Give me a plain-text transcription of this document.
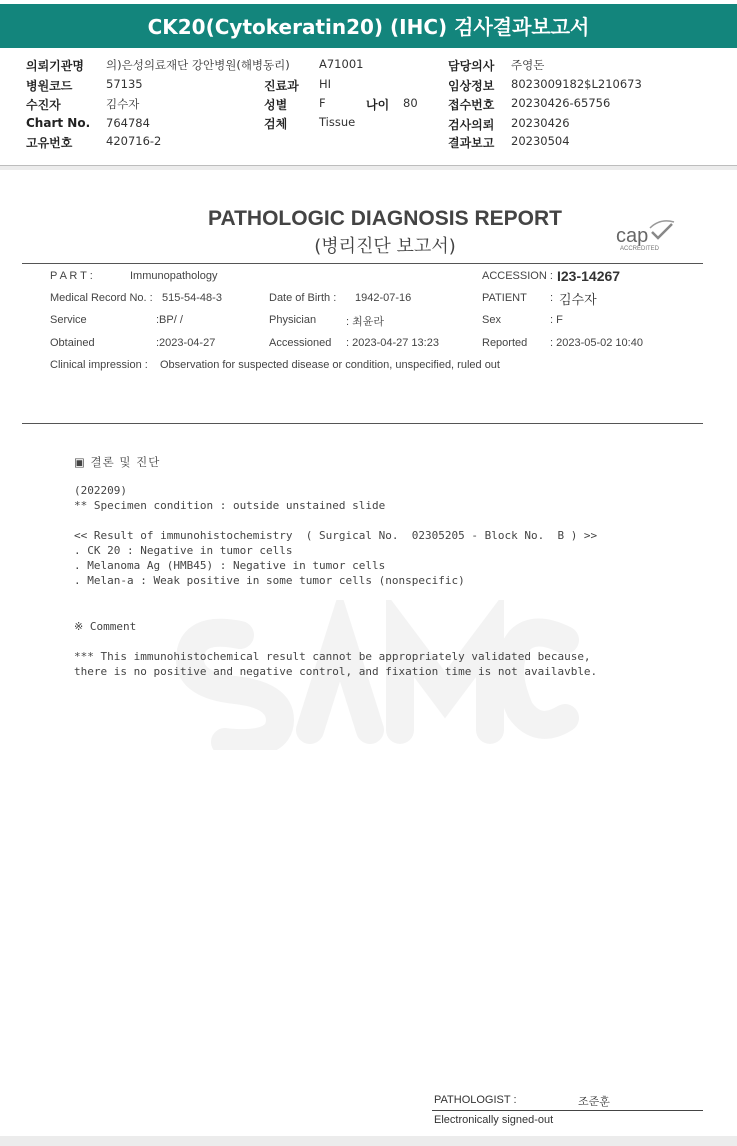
CK20(Cytokeratin20) (IHC) 검사결과보고서
의뢰기관명 의)은성의료재단 강안병원(해병동리)	A71001	담당의사 주영돈
병원코드	57135	진료과 HI	임상정보 8023009182$L210673
수진자	김수자	성별	F	나이 80	접수번호 20230426-65756
Chart No. 764784	검체	Tissue	검사의뢰 20230426
고유번호	420716-2	결과보고 20230504
PATHOLOGIC DIAGNOSIS REPORT
(병리진단 보고서)	cap
ACCREDITED
P A R T :	Immunopathology	ACCESSION : I23-14267
Medical Record No. : 515-54-48-3	Date of Birth : 1942-07-16	PATIENT : 김수자
Service	:BP/ /	Physician	: 최윤라	Sex	: F
Obtained	:2023-04-27	Accessioned : 2023-04-27 13:23	Reported : 2023-05-02 10:40
Clinical impression : Observation for suspected disease or condition, unspecified, ruled out
▣ 결론 및 진단
(202209)
** Specimen condition : outside unstained slide
<< Result of immunohistochemistry  ( Surgical No.  02305205 - Block No.  B ) >>
. CK 20 : Negative in tumor cells
. Melanoma Ag (HMB45) : Negative in tumor cells
. Melan-a : Weak positive in some tumor cells (nonspecific)
※ Comment
*** This immunohistochemical result cannot be appropriately validated because,
there is no positive and negative control, and fixation time is not availavble.
PATHOLOGIST :	조준훈
Electronically signed-out
